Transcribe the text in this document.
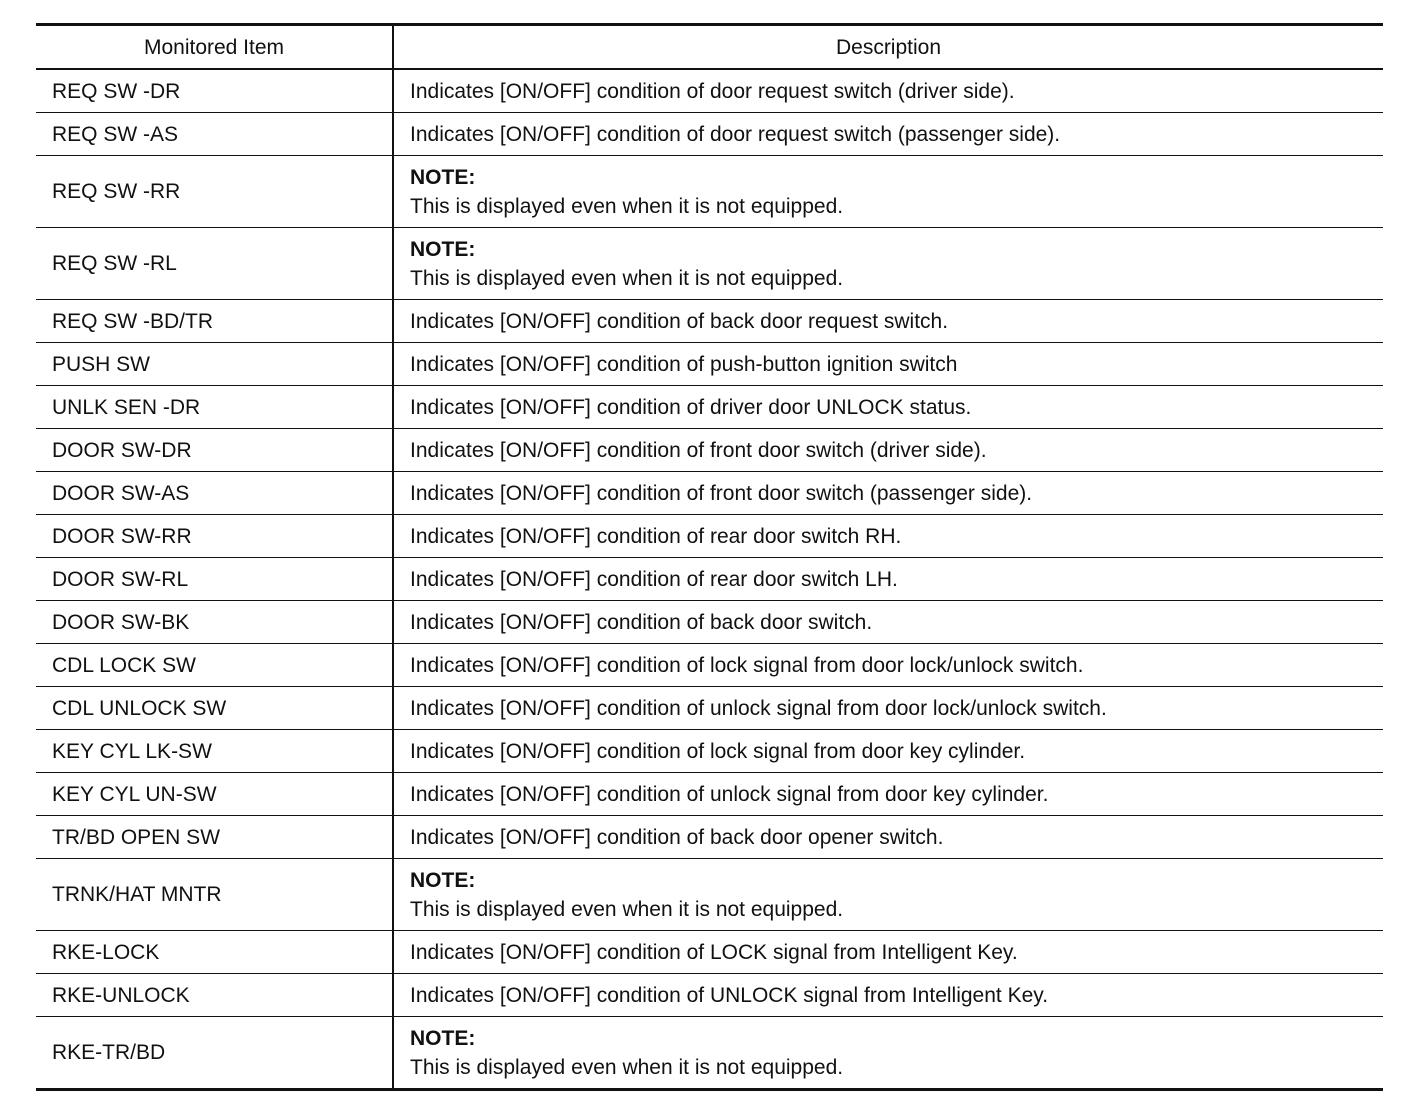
Monitored Item	Description
REQ SW -DR	Indicates [ON/OFF] condition of door request switch (driver side).
REQ SW -AS	Indicates [ON/OFF] condition of door request switch (passenger side).
REQ SW -RR	NOTE:
This is displayed even when it is not equipped.

REQ SW -RL	NOTE:
This is displayed even when it is not equipped.

REQ SW -BD/TR	Indicates [ON/OFF] condition of back door request switch.
PUSH SW	Indicates [ON/OFF] condition of push-button ignition switch
UNLK SEN -DR	Indicates [ON/OFF] condition of driver door UNLOCK status.
DOOR SW-DR	Indicates [ON/OFF] condition of front door switch (driver side).
DOOR SW-AS	Indicates [ON/OFF] condition of front door switch (passenger side).
DOOR SW-RR	Indicates [ON/OFF] condition of rear door switch RH.
DOOR SW-RL	Indicates [ON/OFF] condition of rear door switch LH.
DOOR SW-BK	Indicates [ON/OFF] condition of back door switch.
CDL LOCK SW	Indicates [ON/OFF] condition of lock signal from door lock/unlock switch.
CDL UNLOCK SW	Indicates [ON/OFF] condition of unlock signal from door lock/unlock switch.
KEY CYL LK-SW	Indicates [ON/OFF] condition of lock signal from door key cylinder.
KEY CYL UN-SW	Indicates [ON/OFF] condition of unlock signal from door key cylinder.
TR/BD OPEN SW	Indicates [ON/OFF] condition of back door opener switch.
TRNK/HAT MNTR	NOTE:
This is displayed even when it is not equipped.

RKE-LOCK	Indicates [ON/OFF] condition of LOCK signal from Intelligent Key.
RKE-UNLOCK	Indicates [ON/OFF] condition of UNLOCK signal from Intelligent Key.
RKE-TR/BD	NOTE:
This is displayed even when it is not equipped.
